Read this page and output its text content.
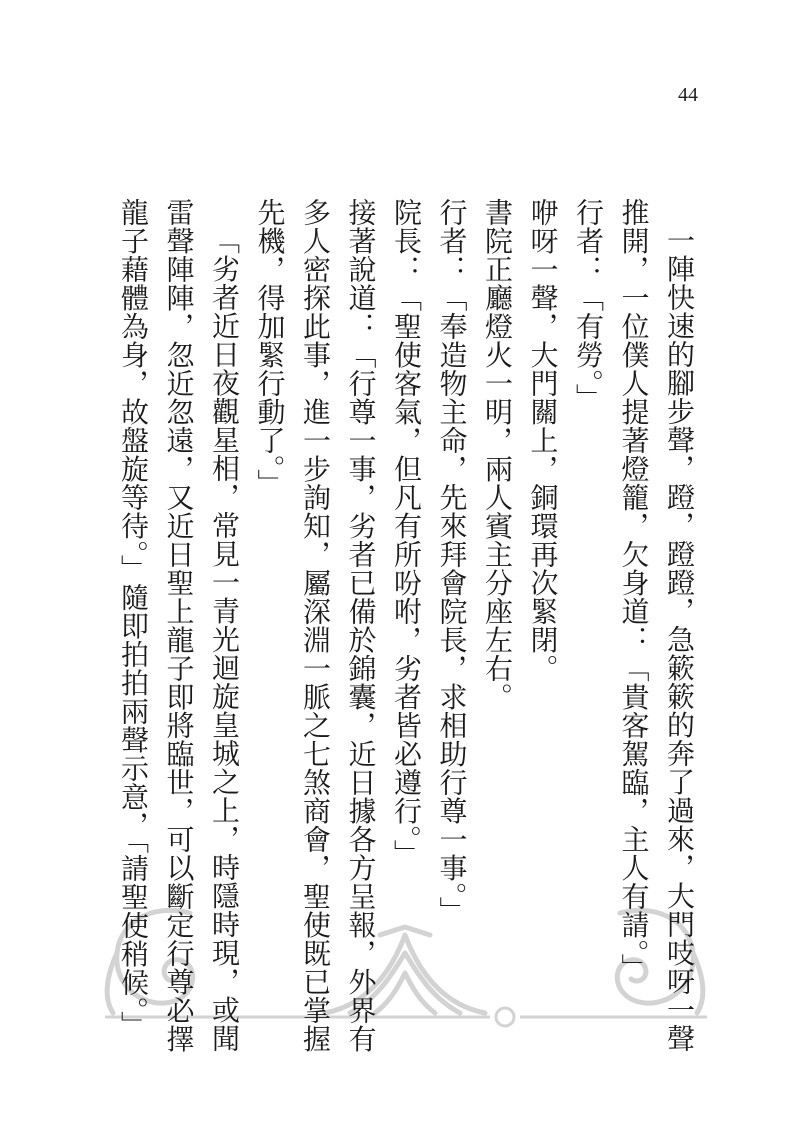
44

一陣快速的腳步聲，蹬，蹬蹬，急簌簌的奔了過來，大門吱呀一聲推開，一位僕人提著燈籠，欠身道：「貴客駕臨，主人有請。」

行者：「有勞。」

咿呀一聲，大門關上，銅環再次緊閉。

書院正廳燈火一明，兩人賓主分座左右。

行者：「奉造物主命，先來拜會院長，求相助行尊一事。」

院長：「聖使客氣，但凡有所吩咐，劣者皆必遵行。」

接著說道：「行尊一事，劣者已備於錦囊，近日據各方呈報，外界有多人密探此事，進一步詢知，屬深淵一脈之七煞商會，聖使既已掌握先機，得加緊行動了。」

「劣者近日夜觀星相，常見一青光迴旋皇城之上，時隱時現，或聞雷聲陣陣，忽近忽遠，又近日聖上龍子即將臨世，可以斷定行尊必擇龍子藉體為身，故盤旋等待。」隨即拍拍兩聲示意，「請聖使稍候。」
